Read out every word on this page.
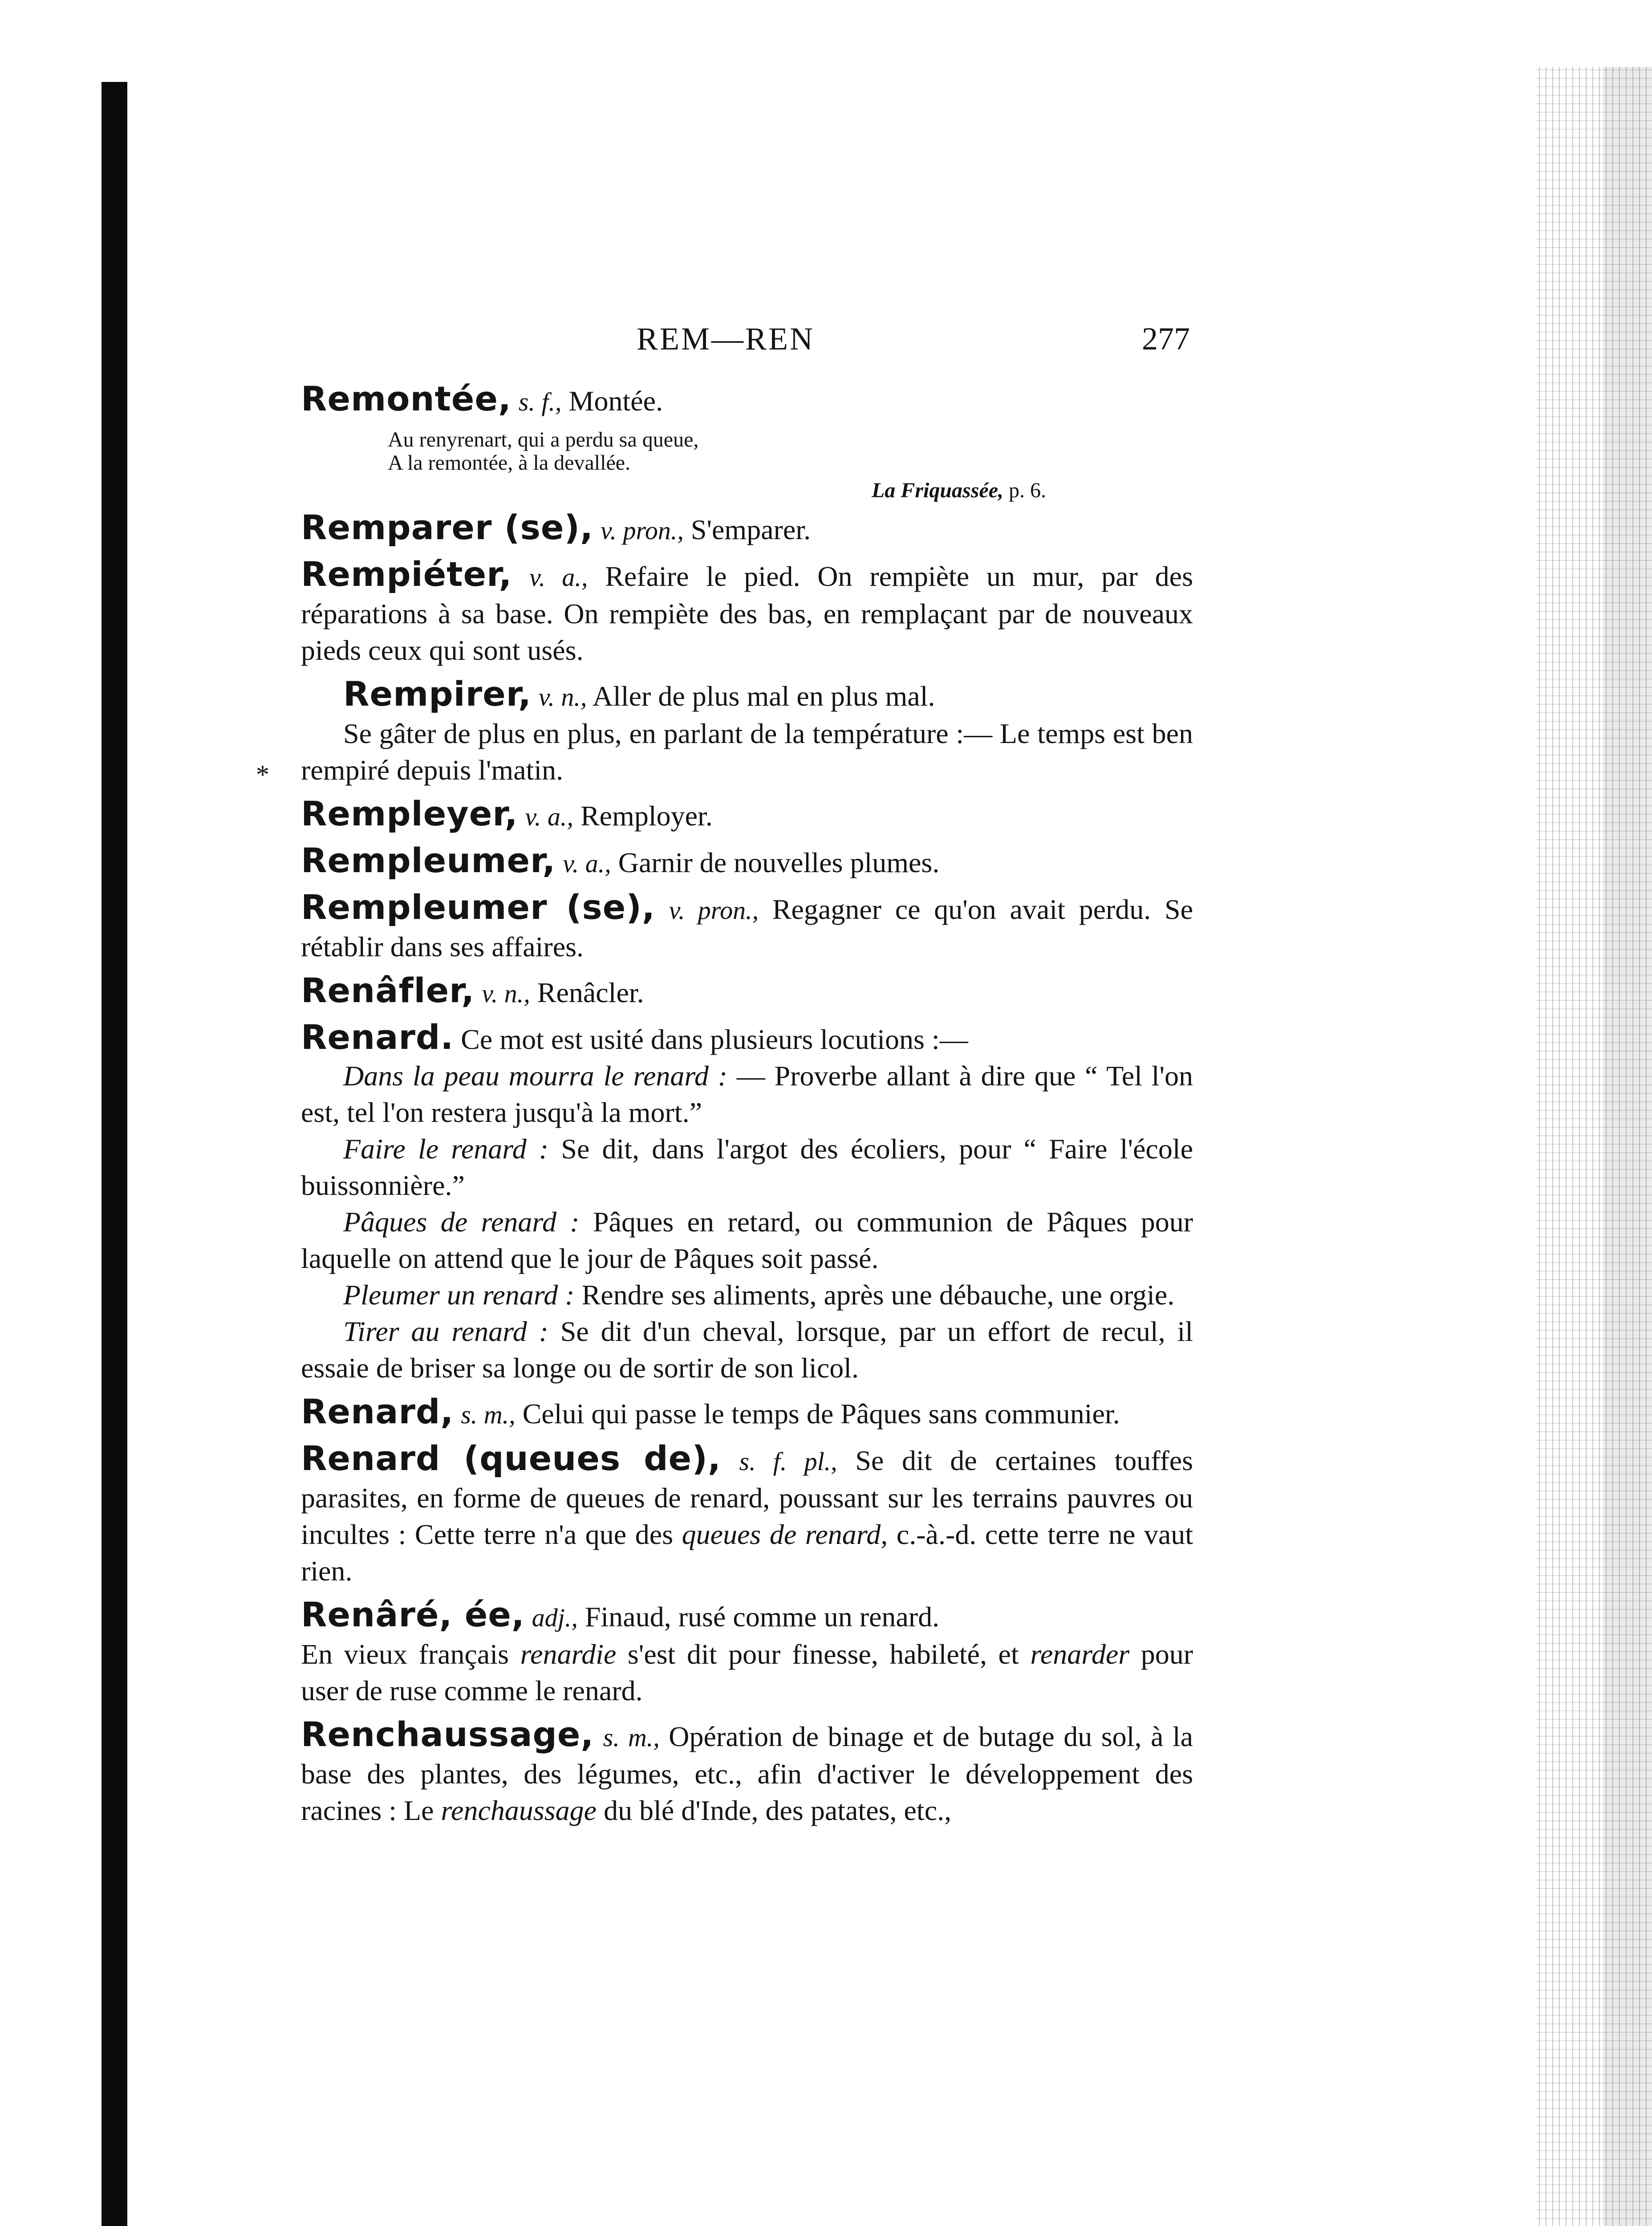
REM—REN	277
*
Remontée, s. f., Montée.
Au renyrenart, qui a perdu sa queue,
A la remontée, à la devallée.
La Friquassée, p. 6.
Remparer (se), v. pron., S'emparer.
Rempiéter, v. a., Refaire le pied. On rempiète un mur, par des réparations à sa base. On rempiète des bas, en remplaçant par de nouveaux pieds ceux qui sont usés.
Rempirer, v. n., Aller de plus mal en plus mal.
Se gâter de plus en plus, en parlant de la température :— Le temps est ben rempiré depuis l'matin.
Rempleyer, v. a., Remployer.
Rempleumer, v. a., Garnir de nouvelles plumes.
Rempleumer (se), v. pron., Regagner ce qu'on avait perdu. Se rétablir dans ses affaires.
Renâfler, v. n., Renâcler.
Renard. Ce mot est usité dans plusieurs locutions :—
Dans la peau mourra le renard : — Proverbe allant à dire que “ Tel l'on est, tel l'on restera jusqu'à la mort.”
Faire le renard : Se dit, dans l'argot des écoliers, pour “ Faire l'école buissonnière.”
Pâques de renard : Pâques en retard, ou communion de Pâques pour laquelle on attend que le jour de Pâques soit passé.
Pleumer un renard : Rendre ses aliments, après une débauche, une orgie.
Tirer au renard : Se dit d'un cheval, lorsque, par un effort de recul, il essaie de briser sa longe ou de sortir de son licol.
Renard, s. m., Celui qui passe le temps de Pâques sans communier.
Renard (queues de), s. f. pl., Se dit de certaines touffes parasites, en forme de queues de renard, poussant sur les terrains pauvres ou incultes : Cette terre n'a que des queues de renard, c.-à.-d. cette terre ne vaut rien.
Renâré, ée, adj., Finaud, rusé comme un renard.
En vieux français renardie s'est dit pour finesse, habileté, et renarder pour user de ruse comme le renard.
Renchaussage, s. m., Opération de binage et de butage du sol, à la base des plantes, des légumes, etc., afin d'activer le développement des racines : Le renchaussage du blé d'Inde, des patates, etc.,
